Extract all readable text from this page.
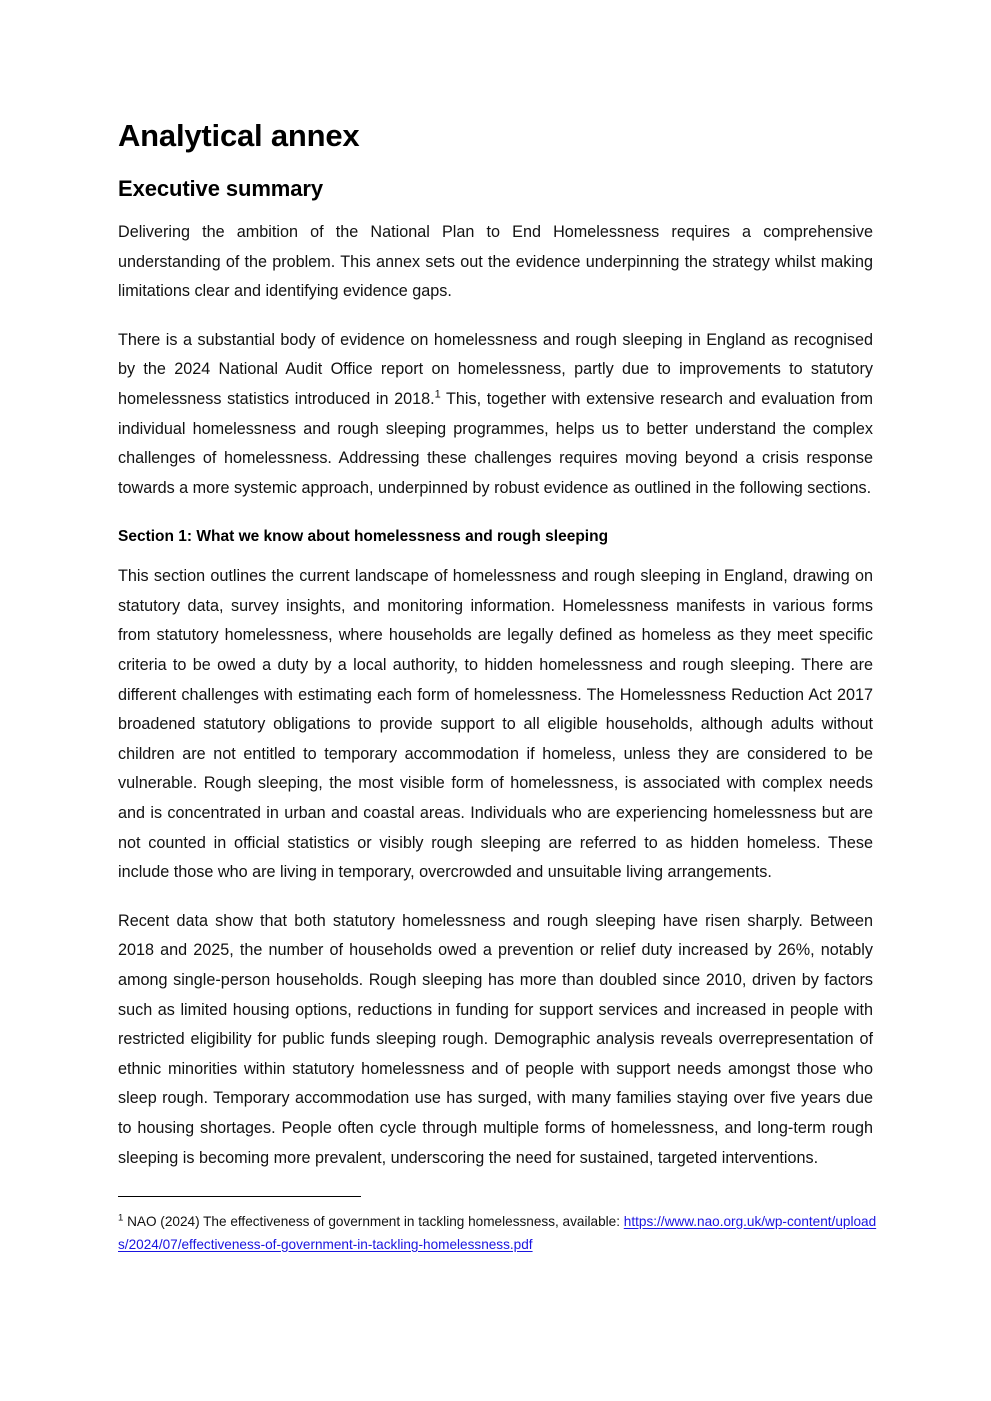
Analytical annex
Executive summary

Delivering the ambition of the National Plan to End Homelessness requires a comprehensive understanding of the problem. This annex sets out the evidence underpinning the strategy whilst making limitations clear and identifying evidence gaps.

There is a substantial body of evidence on homelessness and rough sleeping in England as recognised by the 2024 National Audit Office report on homelessness, partly due to improvements to statutory homelessness statistics introduced in 2018.$^1$ This, together with extensive research and evaluation from individual homelessness and rough sleeping programmes, helps us to better understand the complex challenges of homelessness. Addressing these challenges requires moving beyond a crisis response towards a more systemic approach, underpinned by robust evidence as outlined in the following sections.

Section 1: What we know about homelessness and rough sleeping

This section outlines the current landscape of homelessness and rough sleeping in England, drawing on statutory data, survey insights, and monitoring information. Homelessness manifests in various forms from statutory homelessness, where households are legally defined as homeless as they meet specific criteria to be owed a duty by a local authority, to hidden homelessness and rough sleeping. There are different challenges with estimating each form of homelessness. The Homelessness Reduction Act 2017 broadened statutory obligations to provide support to all eligible households, although adults without children are not entitled to temporary accommodation if homeless, unless they are considered to be vulnerable. Rough sleeping, the most visible form of homelessness, is associated with complex needs and is concentrated in urban and coastal areas. Individuals who are experiencing homelessness but are not counted in official statistics or visibly rough sleeping are referred to as hidden homeless. These include those who are living in temporary, overcrowded and unsuitable living arrangements.

Recent data show that both statutory homelessness and rough sleeping have risen sharply. Between 2018 and 2025, the number of households owed a prevention or relief duty increased by 26%, notably among single-person households. Rough sleeping has more than doubled since 2010, driven by factors such as limited housing options, reductions in funding for support services and increased in people with restricted eligibility for public funds sleeping rough. Demographic analysis reveals overrepresentation of ethnic minorities within statutory homelessness and of people with support needs amongst those who sleep rough. Temporary accommodation use has surged, with many families staying over five years due to housing shortages. People often cycle through multiple forms of homelessness, and long-term rough sleeping is becoming more prevalent, underscoring the need for sustained, targeted interventions.

$^1$ NAO (2024) The effectiveness of government in tackling homelessness, available: https://www.nao.org.uk/wp-content/uploads/2024/07/effectiveness-of-government-in-tackling-homelessness.pdf
